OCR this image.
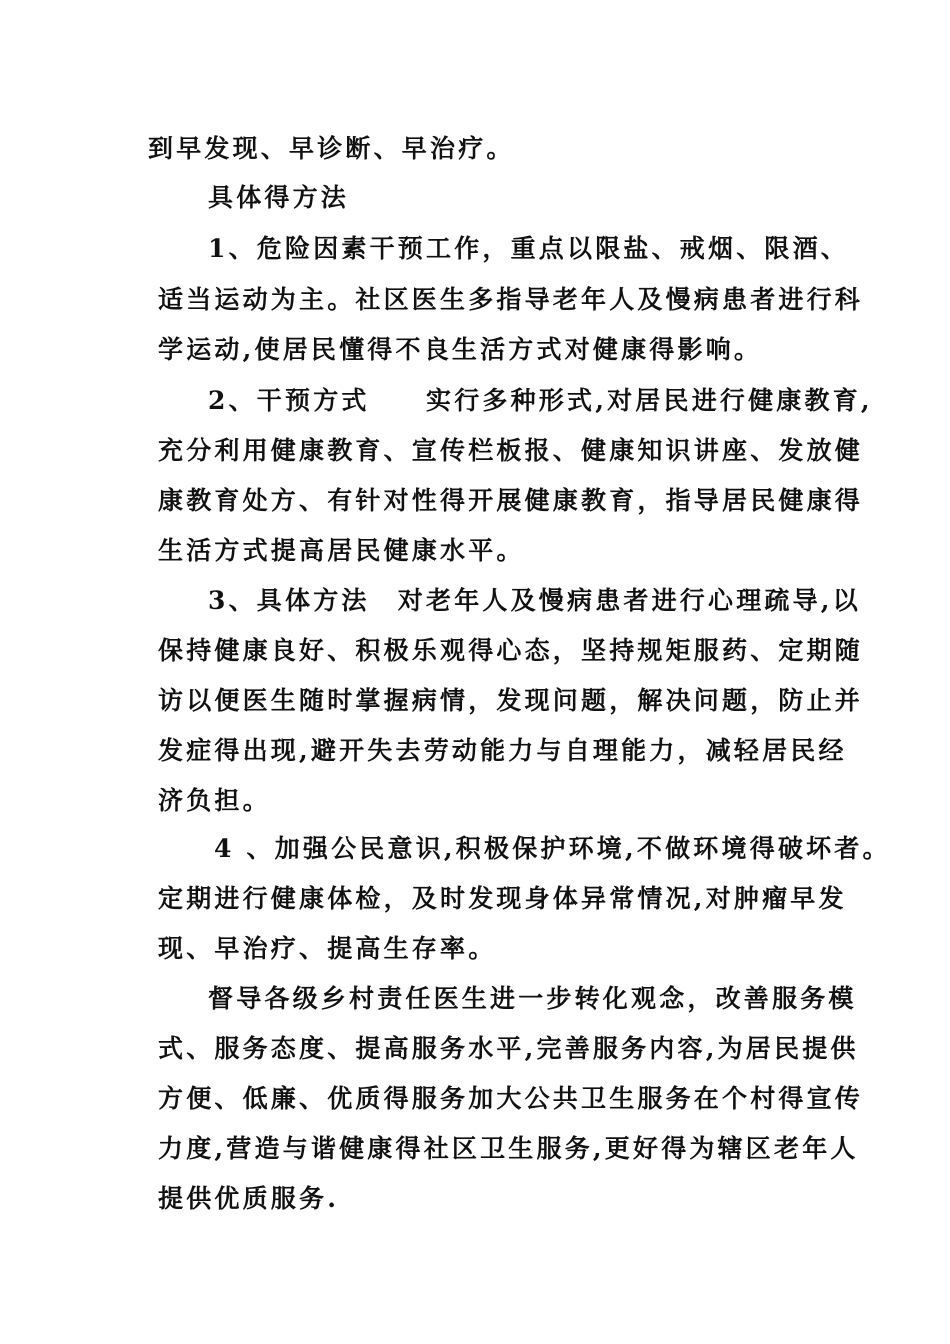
到早发现、早诊断、早治疗。
具体得方法
1、危险因素干预工作，重点以限盐、戒烟、限酒、
适当运动为主。社区医生多指导老年人及慢病患者进行科
学运动,使居民懂得不良生活方式对健康得影响。
2、干预方式　　实行多种形式,对居民进行健康教育,
充分利用健康教育、宣传栏板报、健康知识讲座、发放健
康教育处方、有针对性得开展健康教育，指导居民健康得
生活方式提高居民健康水平。
3、具体方法　对老年人及慢病患者进行心理疏导,以
保持健康良好、积极乐观得心态，坚持规矩服药、定期随
访以便医生随时掌握病情，发现问题，解决问题，防止并
发症得出现,避开失去劳动能力与自理能力，减轻居民经
济负担。
4 、加强公民意识,积极保护环境,不做环境得破坏者。
定期进行健康体检，及时发现身体异常情况,对肿瘤早发
现、早治疗、提高生存率。
督导各级乡村责任医生进一步转化观念，改善服务模
式、服务态度、提高服务水平,完善服务内容,为居民提供
方便、低廉、优质得服务加大公共卫生服务在个村得宣传
力度,营造与谐健康得社区卫生服务,更好得为辖区老年人
提供优质服务.
